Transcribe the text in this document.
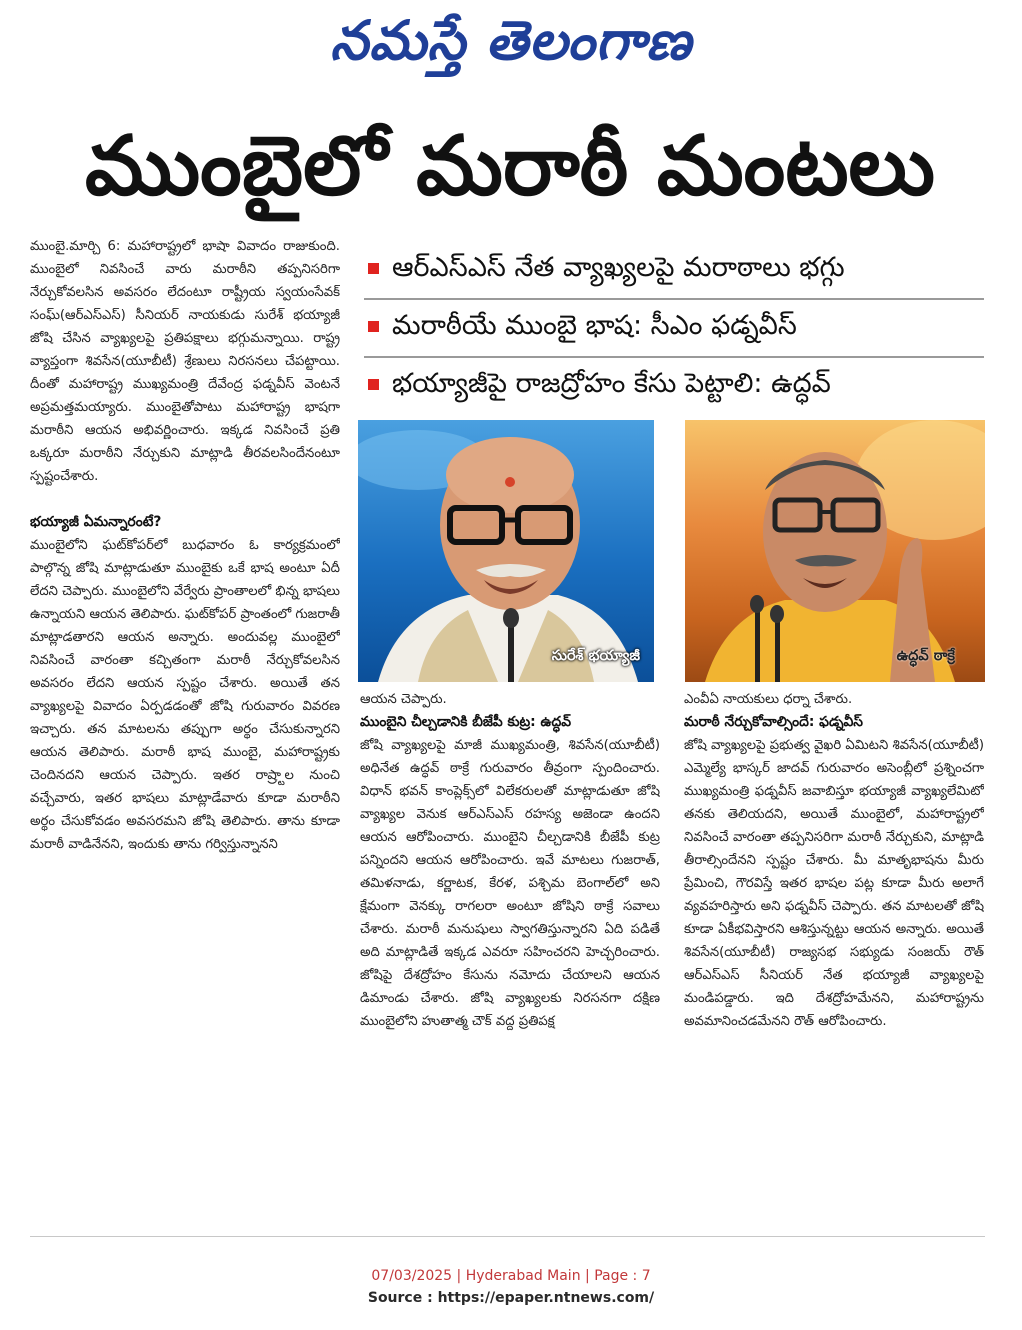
నమస్తే తెలంగాణ
ముంబైలో మరాఠీ మంటలు

ముంబై.మార్చి 6: మహారాష్ట్రలో భాషా వివాదం రాజుకుంది. ముంబైలో నివసించే వారు మరాఠీని తప్పనిసరిగా నేర్చుకోవలసిన అవసరం లేదంటూ రాష్ట్రీయ స్వయంసేవక్ సంఘ్(ఆర్‌ఎస్‌ఎస్) సీనియర్ నాయకుడు సురేశ్ భయ్యాజీ జోషి చేసిన వ్యాఖ్యలపై ప్రతిపక్షాలు భగ్గుమన్నాయి. రాష్ట్ర వ్యాప్తంగా శివసేన(యూబీటీ) శ్రేణులు నిరసనలు చేపట్టాయి. దీంతో మహారాష్ట్ర ముఖ్యమంత్రి దేవేంద్ర ఫడ్నవీస్ వెంటనే అప్రమత్తమయ్యారు. ముంబైతోపాటు మహారాష్ట్ర భాషగా మరాఠీని ఆయన అభివర్ణించారు. ఇక్కడ నివసించే ప్రతి ఒక్కరూ మరాఠీని నేర్చుకుని మాట్లాడి తీరవలసిందేనంటూ స్పష్టంచేశారు.

భయ్యాజీ ఏమన్నారంటే?

ముంబైలోని ఘట్‌కోపర్‌లో బుధవారం ఓ కార్యక్రమంలో పాల్గొన్న జోషి మాట్లాడుతూ ముంబైకు ఒకే భాష అంటూ ఏదీ లేదని చెప్పారు. ముంబైలోని వేర్వేరు ప్రాంతాలలో భిన్న భాషలు ఉన్నాయని ఆయన తెలిపారు. ఘట్‌కోపర్ ప్రాంతంలో గుజరాతీ మాట్లాడతారని ఆయన అన్నారు. అందువల్ల ముంబైలో నివసించే వారంతా కచ్చితంగా మరాఠీ నేర్చుకోవలసిన అవసరం లేదని ఆయన స్పష్టం చేశారు. అయితే తన వ్యాఖ్యలపై వివాదం ఏర్పడడంతో జోషి గురువారం వివరణ ఇచ్చారు. తన మాటలను తప్పుగా అర్థం చేసుకున్నారని ఆయన తెలిపారు. మరాఠీ భాష ముంబై, మహారాష్ట్రకు చెందినదని ఆయన చెప్పారు. ఇతర రాష్ర్టాల నుంచి వచ్చేవారు, ఇతర భాషలు మాట్లాడేవారు కూడా మరాఠీని అర్థం చేసుకోవడం అవసరమని జోషి తెలిపారు. తాను కూడా మరాఠీ వాడినేనని, ఇందుకు తాను గర్విస్తున్నానని

ఆర్‌ఎస్‌ఎస్ నేత వ్యాఖ్యలపై మరాఠాలు భగ్గు
మరాఠీయే ముంబై భాష: సీఎం ఫడ్నవీస్
భయ్యాజీపై రాజద్రోహం కేసు పెట్టాలి: ఉద్ధవ్
సురేశ్ భయ్యాజీ	ఉద్ధవ్ ఠాక్రే

ఆయన చెప్పారు.

ముంబైని చీల్చడానికి బీజేపీ కుట్ర: ఉద్ధవ్

జోషి వ్యాఖ్యలపై మాజీ ముఖ్యమంత్రి, శివసేన(యూబీటీ) అధినేత ఉద్ధవ్ ఠాక్రే గురువారం తీవ్రంగా స్పందించారు. విధాన్ భవన్ కాంప్లెక్స్‌లో విలేకరులతో మాట్లాడుతూ జోషి వ్యాఖ్యల వెనుక ఆర్‌ఎస్‌ఎస్ రహస్య అజెండా ఉందని ఆయన ఆరోపించారు. ముంబైని చీల్చడానికి బీజేపీ కుట్ర పన్నిందని ఆయన ఆరోపించారు. ఇవే మాటలు గుజరాత్, తమిళనాడు, కర్ణాటక, కేరళ, పశ్చిమ బెంగాల్‌లో అని క్షేమంగా వెనక్కు రాగలరా అంటూ జోషిని ఠాక్రే సవాలు చేశారు. మరాఠీ మనుషులు స్వాగతిస్తున్నారని ఏది పడితే అది మాట్లాడితే ఇక్కడ ఎవరూ సహించరని హెచ్చరించారు. జోషిపై దేశద్రోహం కేసును నమోదు చేయాలని ఆయన డిమాండు చేశారు. జోషి వ్యాఖ్యలకు నిరసనగా దక్షిణ ముంబైలోని హుతాత్మ చౌక్ వద్ద ప్రతిపక్ష

ఎంవీఏ నాయకులు ధర్నా చేశారు.

మరాఠీ నేర్చుకోవాల్సిందే: ఫడ్నవీస్

జోషి వ్యాఖ్యలపై ప్రభుత్వ వైఖరి ఏమిటని శివసేన(యూబీటీ) ఎమ్మెల్యే భాస్కర్ జాదవ్ గురువారం అసెంబ్లీలో ప్రశ్నించగా ముఖ్యమంత్రి ఫడ్నవీస్ జవాబిస్తూ భయ్యాజీ వ్యాఖ్యలేమిటో తనకు తెలియదని, అయితే ముంబైలో, మహారాష్ట్రలో నివసించే వారంతా తప్పనిసరిగా మరాఠీ నేర్చుకుని, మాట్లాడి తీరాల్సిందేనని స్పష్టం చేశారు. మీ మాతృభాషను మీరు ప్రేమించి, గౌరవిస్తే ఇతర భాషల పట్ల కూడా మీరు అలాగే వ్యవహరిస్తారు అని ఫడ్నవీస్ చెప్పారు. తన మాటలతో జోషి కూడా ఏకీభవిస్తారని ఆశిస్తున్నట్టు ఆయన అన్నారు. అయితే శివసేన(యూబీటీ) రాజ్యసభ సభ్యుడు సంజయ్ రౌత్ ఆర్‌ఎస్‌ఎస్ సీనియర్ నేత భయ్యాజీ వ్యాఖ్యలపై మండిపడ్డారు. ఇది దేశద్రోహమేనని, మహారాష్ట్రను అవమానించడమేనని రౌత్ ఆరోపించారు.

07/03/2025 | Hyderabad Main | Page : 7
Source : https://epaper.ntnews.com/
